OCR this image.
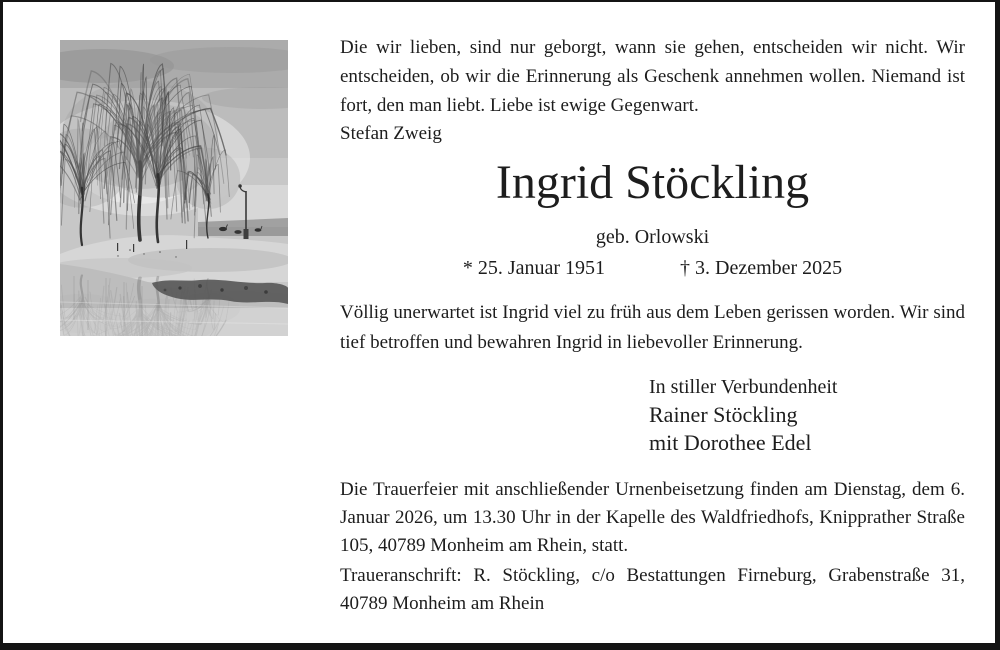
Die wir lieben, sind nur geborgt, wann sie gehen, entscheiden wir nicht. Wir entscheiden, ob wir die Erinnerung als Geschenk annehmen wollen. Niemand ist fort, den man liebt. Liebe ist ewige Gegenwart.

Stefan Zweig

Ingrid Stöckling
geb. Orlowski
* 25. Januar 1951	† 3. Dezember 2025

Völlig unerwartet ist Ingrid viel zu früh aus dem Leben gerissen worden. Wir sind tief betroffen und bewahren Ingrid in liebevoller Erinnerung.

In stiller Verbundenheit
Rainer Stöckling
mit Dorothee Edel

Die Trauerfeier mit anschließender Urnenbeisetzung finden am Dienstag, dem 6. Januar 2026, um 13.30 Uhr in der Kapelle des Waldfriedhofs, Knipprather Straße 105, 40789 Monheim am Rhein, statt.

Traueranschrift: R. Stöckling, c/o Bestattungen Firneburg, Grabenstraße 31, 40789 Monheim am Rhein
